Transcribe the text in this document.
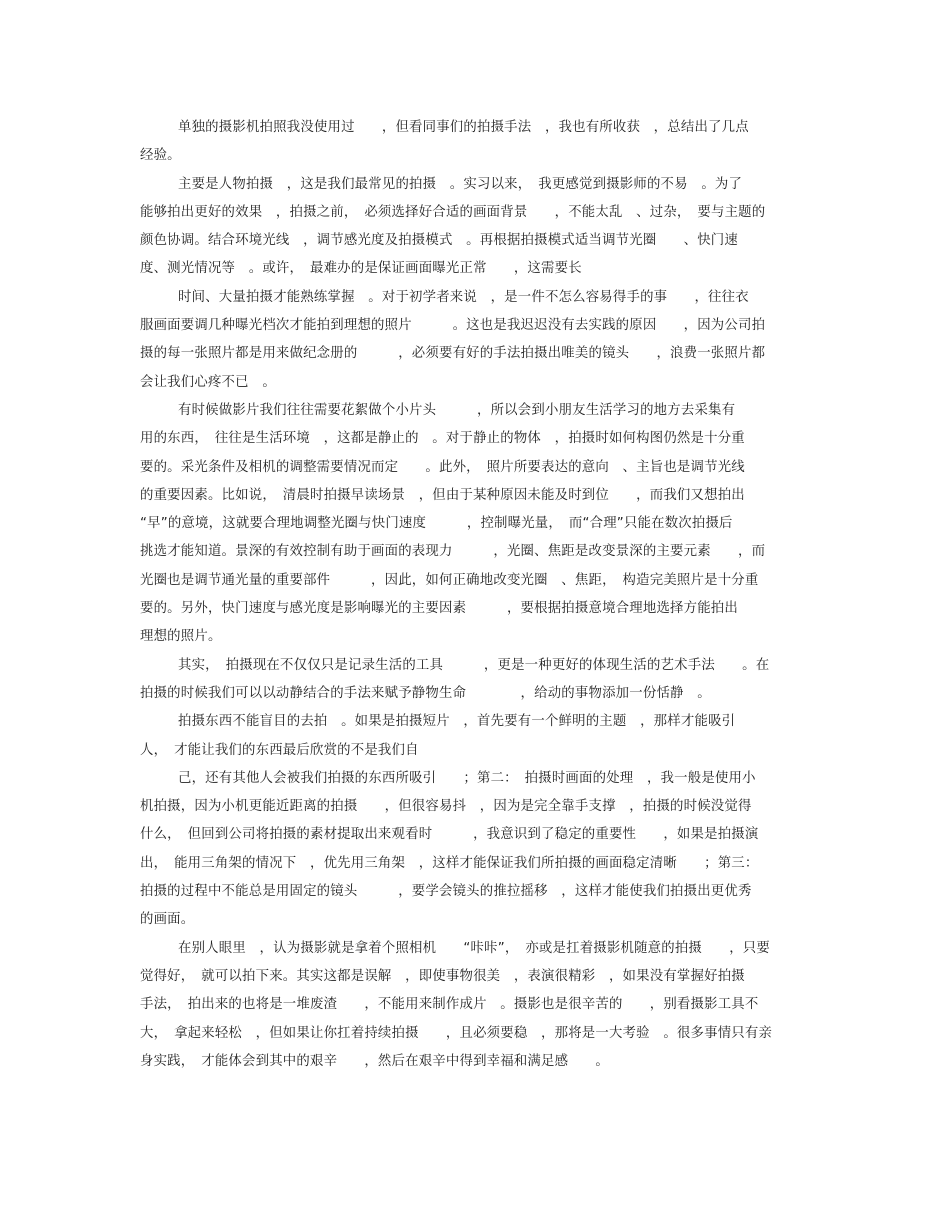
单独的摄影机拍照我没使用过　　，但看同事们的拍摄手法　，我也有所收获　，总结出了几点
经验。
主要是人物拍摄　，这是我们最常见的拍摄　。实习以来，　我更感觉到摄影师的不易　。为了
能够拍出更好的效果　，拍摄之前，　必须选择好合适的画面背景　　，不能太乱　、过杂，　要与主题的
颜色协调。结合环境光线　，调节感光度及拍摄模式　。再根据拍摄模式适当调节光圈　　、快门速
度、测光情况等　。或许，　最难办的是保证画面曝光正常　　，这需要长
时间、大量拍摄才能熟练掌握　。对于初学者来说　，是一件不怎么容易得手的事　　，往往衣
服画面要调几种曝光档次才能拍到理想的照片　　　。这也是我迟迟没有去实践的原因　　，因为公司拍
摄的每一张照片都是用来做纪念册的　　　，必须要有好的手法拍摄出唯美的镜头　　，浪费一张照片都
会让我们心疼不已　。
有时候做影片我们往往需要花絮做个小片头　　　，所以会到小朋友生活学习的地方去采集有
用的东西，　往往是生活环境　，这都是静止的　。对于静止的物体　，拍摄时如何构图仍然是十分重
要的。采光条件及相机的调整需要情况而定　　。此外，　照片所要表达的意向　、主旨也是调节光线
的重要因素。比如说，　清晨时拍摄早读场景　，但由于某种原因未能及时到位　　，而我们又想拍出
“早”的意境，这就要合理地调整光圈与快门速度　　　，控制曝光量，　而“合理”只能在数次拍摄后
挑选才能知道。景深的有效控制有助于画面的表现力　　　，光圈、焦距是改变景深的主要元素　　，而
光圈也是调节通光量的重要部件　　　，因此，如何正确地改变光圈　、焦距，　构造完美照片是十分重
要的。另外，快门速度与感光度是影响曝光的主要因素　　　，要根据拍摄意境合理地选择方能拍出
理想的照片。
其实，　拍摄现在不仅仅只是记录生活的工具　　　，更是一种更好的体现生活的艺术手法　　。在
拍摄的时候我们可以以动静结合的手法来赋予静物生命　　　　，给动的事物添加一份恬静　。
拍摄东西不能盲目的去拍　。如果是拍摄短片　，首先要有一个鲜明的主题　，那样才能吸引
人，　才能让我们的东西最后欣赏的不是我们自
己，还有其他人会被我们拍摄的东西所吸引　　；第二：　拍摄时画面的处理　，我一般是使用小
机拍摄，因为小机更能近距离的拍摄　　，但很容易抖　，因为是完全靠手支撑　，拍摄的时候没觉得
什么，　但回到公司将拍摄的素材提取出来观看时　　　，我意识到了稳定的重要性　　，如果是拍摄演
出，　能用三角架的情况下　，优先用三角架　，这样才能保证我们所拍摄的画面稳定清晰　　；第三：
拍摄的过程中不能总是用固定的镜头　　　，要学会镜头的推拉摇移　，这样才能使我们拍摄出更优秀
的画面。
在别人眼里　，认为摄影就是拿着个照相机　　“咔咔”，　亦或是扛着摄影机随意的拍摄　　，只要
觉得好，　就可以拍下来。其实这都是误解　，即使事物很美　，表演很精彩　，如果没有掌握好拍摄
手法，　拍出来的也将是一堆废渣　　，不能用来制作成片　。摄影也是很辛苦的　　，别看摄影工具不
大，　拿起来轻松　，但如果让你扛着持续拍摄　　，且必须要稳　，那将是一大考验　。很多事情只有亲
身实践，　才能体会到其中的艰辛　　，然后在艰辛中得到幸福和满足感　　。
